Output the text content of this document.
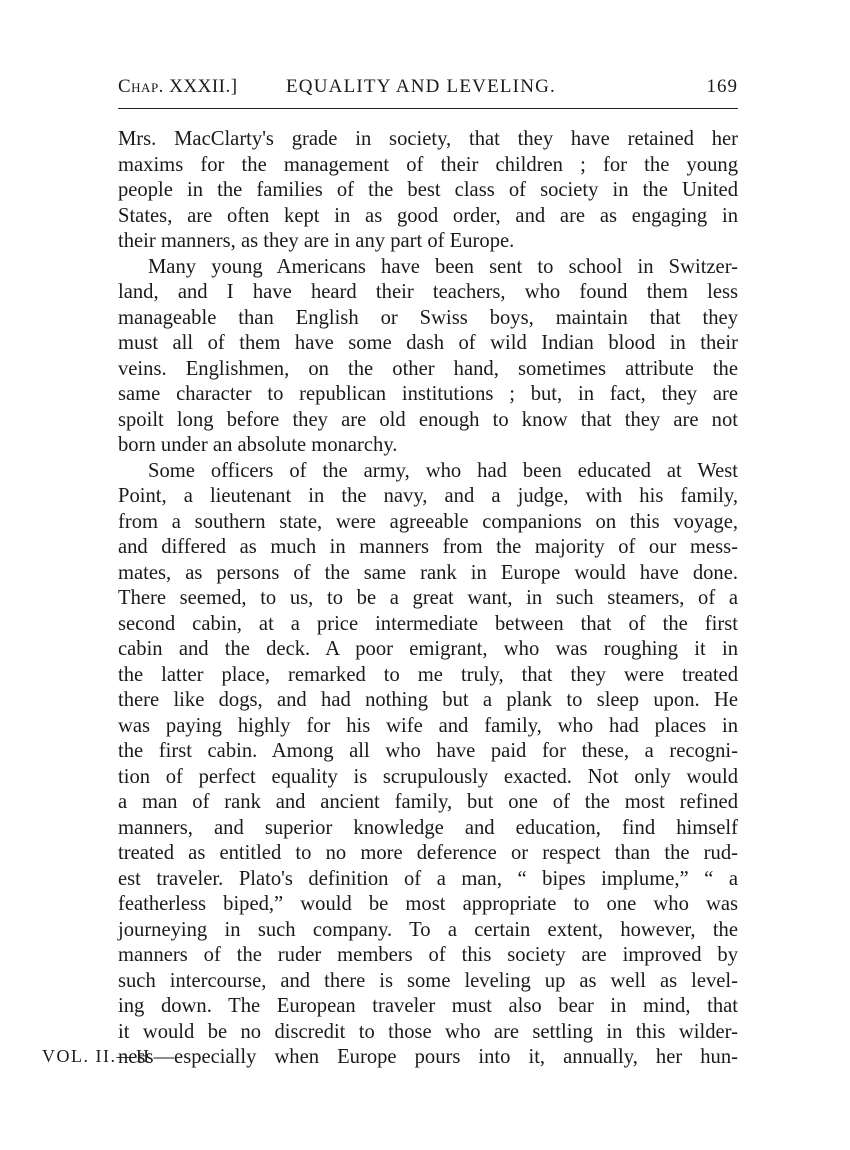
Chap. XXXII.]	EQUALITY AND LEVELING.	169
Mrs. MacClarty's grade in society, that they have retained her
maxims for the management of their children ; for the young
people in the families of the best class of society in the United
States, are often kept in as good order, and are as engaging in
their manners, as they are in any part of Europe.
Many young Americans have been sent to school in Switzer-
land, and I have heard their teachers, who found them less
manageable than English or Swiss boys, maintain that they
must all of them have some dash of wild Indian blood in their
veins. Englishmen, on the other hand, sometimes attribute the
same character to republican institutions ; but, in fact, they are
spoilt long before they are old enough to know that they are not
born under an absolute monarchy.
Some officers of the army, who had been educated at West
Point, a lieutenant in the navy, and a judge, with his family,
from a southern state, were agreeable companions on this voyage,
and differed as much in manners from the majority of our mess-
mates, as persons of the same rank in Europe would have done.
There seemed, to us, to be a great want, in such steamers, of a
second cabin, at a price intermediate between that of the first
cabin and the deck. A poor emigrant, who was roughing it in
the latter place, remarked to me truly, that they were treated
there like dogs, and had nothing but a plank to sleep upon. He
was paying highly for his wife and family, who had places in
the first cabin. Among all who have paid for these, a recogni-
tion of perfect equality is scrupulously exacted. Not only would
a man of rank and ancient family, but one of the most refined
manners, and superior knowledge and education, find himself
treated as entitled to no more deference or respect than the rud-
est traveler. Plato's definition of a man, “ bipes implume,” “ a
featherless biped,” would be most appropriate to one who was
journeying in such company. To a certain extent, however, the
manners of the ruder members of this society are improved by
such intercourse, and there is some leveling up as well as level-
ing down. The European traveler must also bear in mind, that
it would be no discredit to those who are settling in this wilder-
ness—especially when Europe pours into it, annually, her hun-
VOL. II.—H
